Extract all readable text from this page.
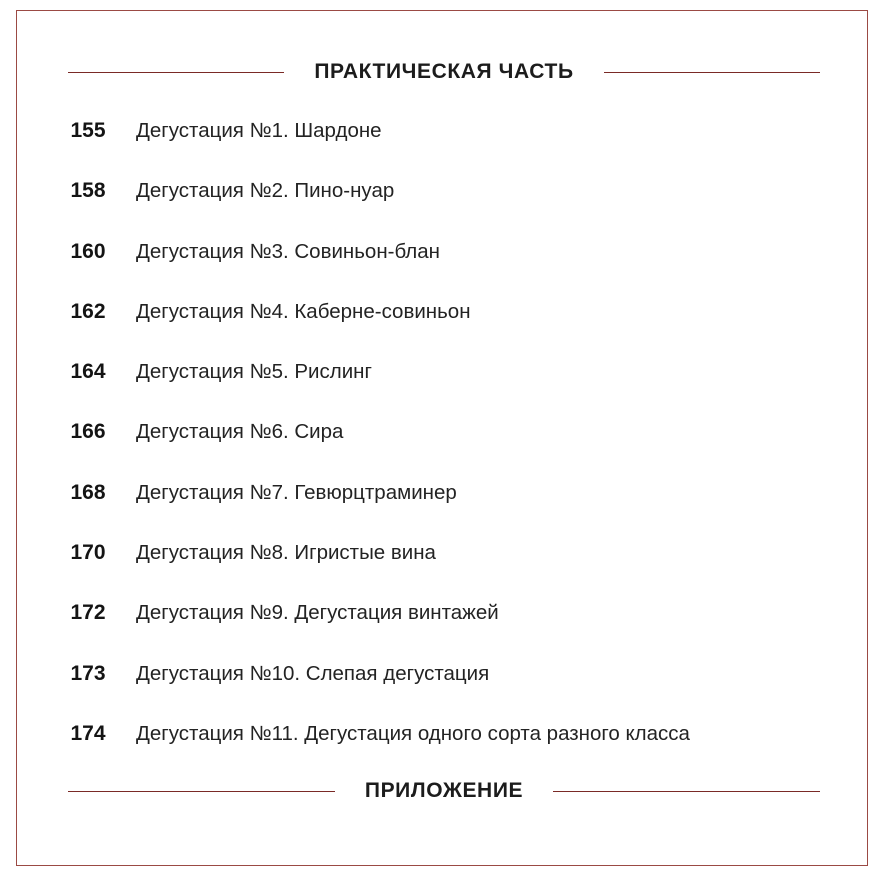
ПРАКТИЧЕСКАЯ ЧАСТЬ
155 Дегустация №1. Шардоне
158 Дегустация №2. Пино-нуар
160 Дегустация №3. Совиньон-блан
162 Дегустация №4. Каберне-совиньон
164 Дегустация №5. Рислинг
166 Дегустация №6. Сира
168 Дегустация №7. Гевюрцтраминер
170 Дегустация №8. Игристые вина
172 Дегустация №9. Дегустация винтажей
173 Дегустация №10. Слепая дегустация
174 Дегустация №11. Дегустация одного сорта разного класса
ПРИЛОЖЕНИЕ
